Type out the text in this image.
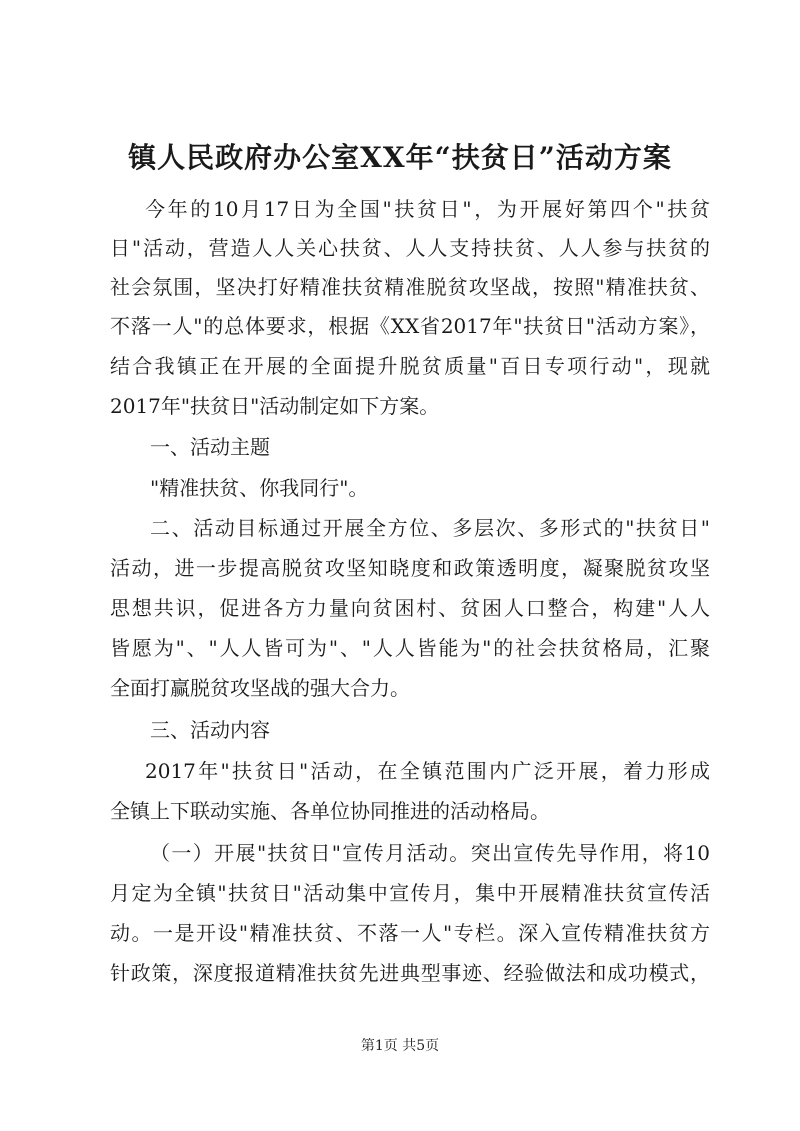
镇人民政府办公室XX年“扶贫日”活动方案

今年的10月17日为全国"扶贫日"，为开展好第四个"扶贫

日"活动，营造人人关心扶贫、人人支持扶贫、人人参与扶贫的

社会氛围，坚决打好精准扶贫精准脱贫攻坚战，按照"精准扶贫、

不落一人"的总体要求，根据《XX省2017年"扶贫日"活动方案》，

结合我镇正在开展的全面提升脱贫质量"百日专项行动"，现就

2017年"扶贫日"活动制定如下方案。

一、活动主题

"精准扶贫、你我同行"。

二、活动目标通过开展全方位、多层次、多形式的"扶贫日"

活动，进一步提高脱贫攻坚知晓度和政策透明度，凝聚脱贫攻坚

思想共识，促进各方力量向贫困村、贫困人口整合，构建"人人

皆愿为"、"人人皆可为"、"人人皆能为"的社会扶贫格局，汇聚

全面打赢脱贫攻坚战的强大合力。

三、活动内容

2017年"扶贫日"活动，在全镇范围内广泛开展，着力形成

全镇上下联动实施、各单位协同推进的活动格局。

（一）开展"扶贫日"宣传月活动。突出宣传先导作用，将10

月定为全镇"扶贫日"活动集中宣传月，集中开展精准扶贫宣传活

动。一是开设"精准扶贫、不落一人"专栏。深入宣传精准扶贫方

针政策，深度报道精准扶贫先进典型事迹、经验做法和成功模式，

第1页 共5页
